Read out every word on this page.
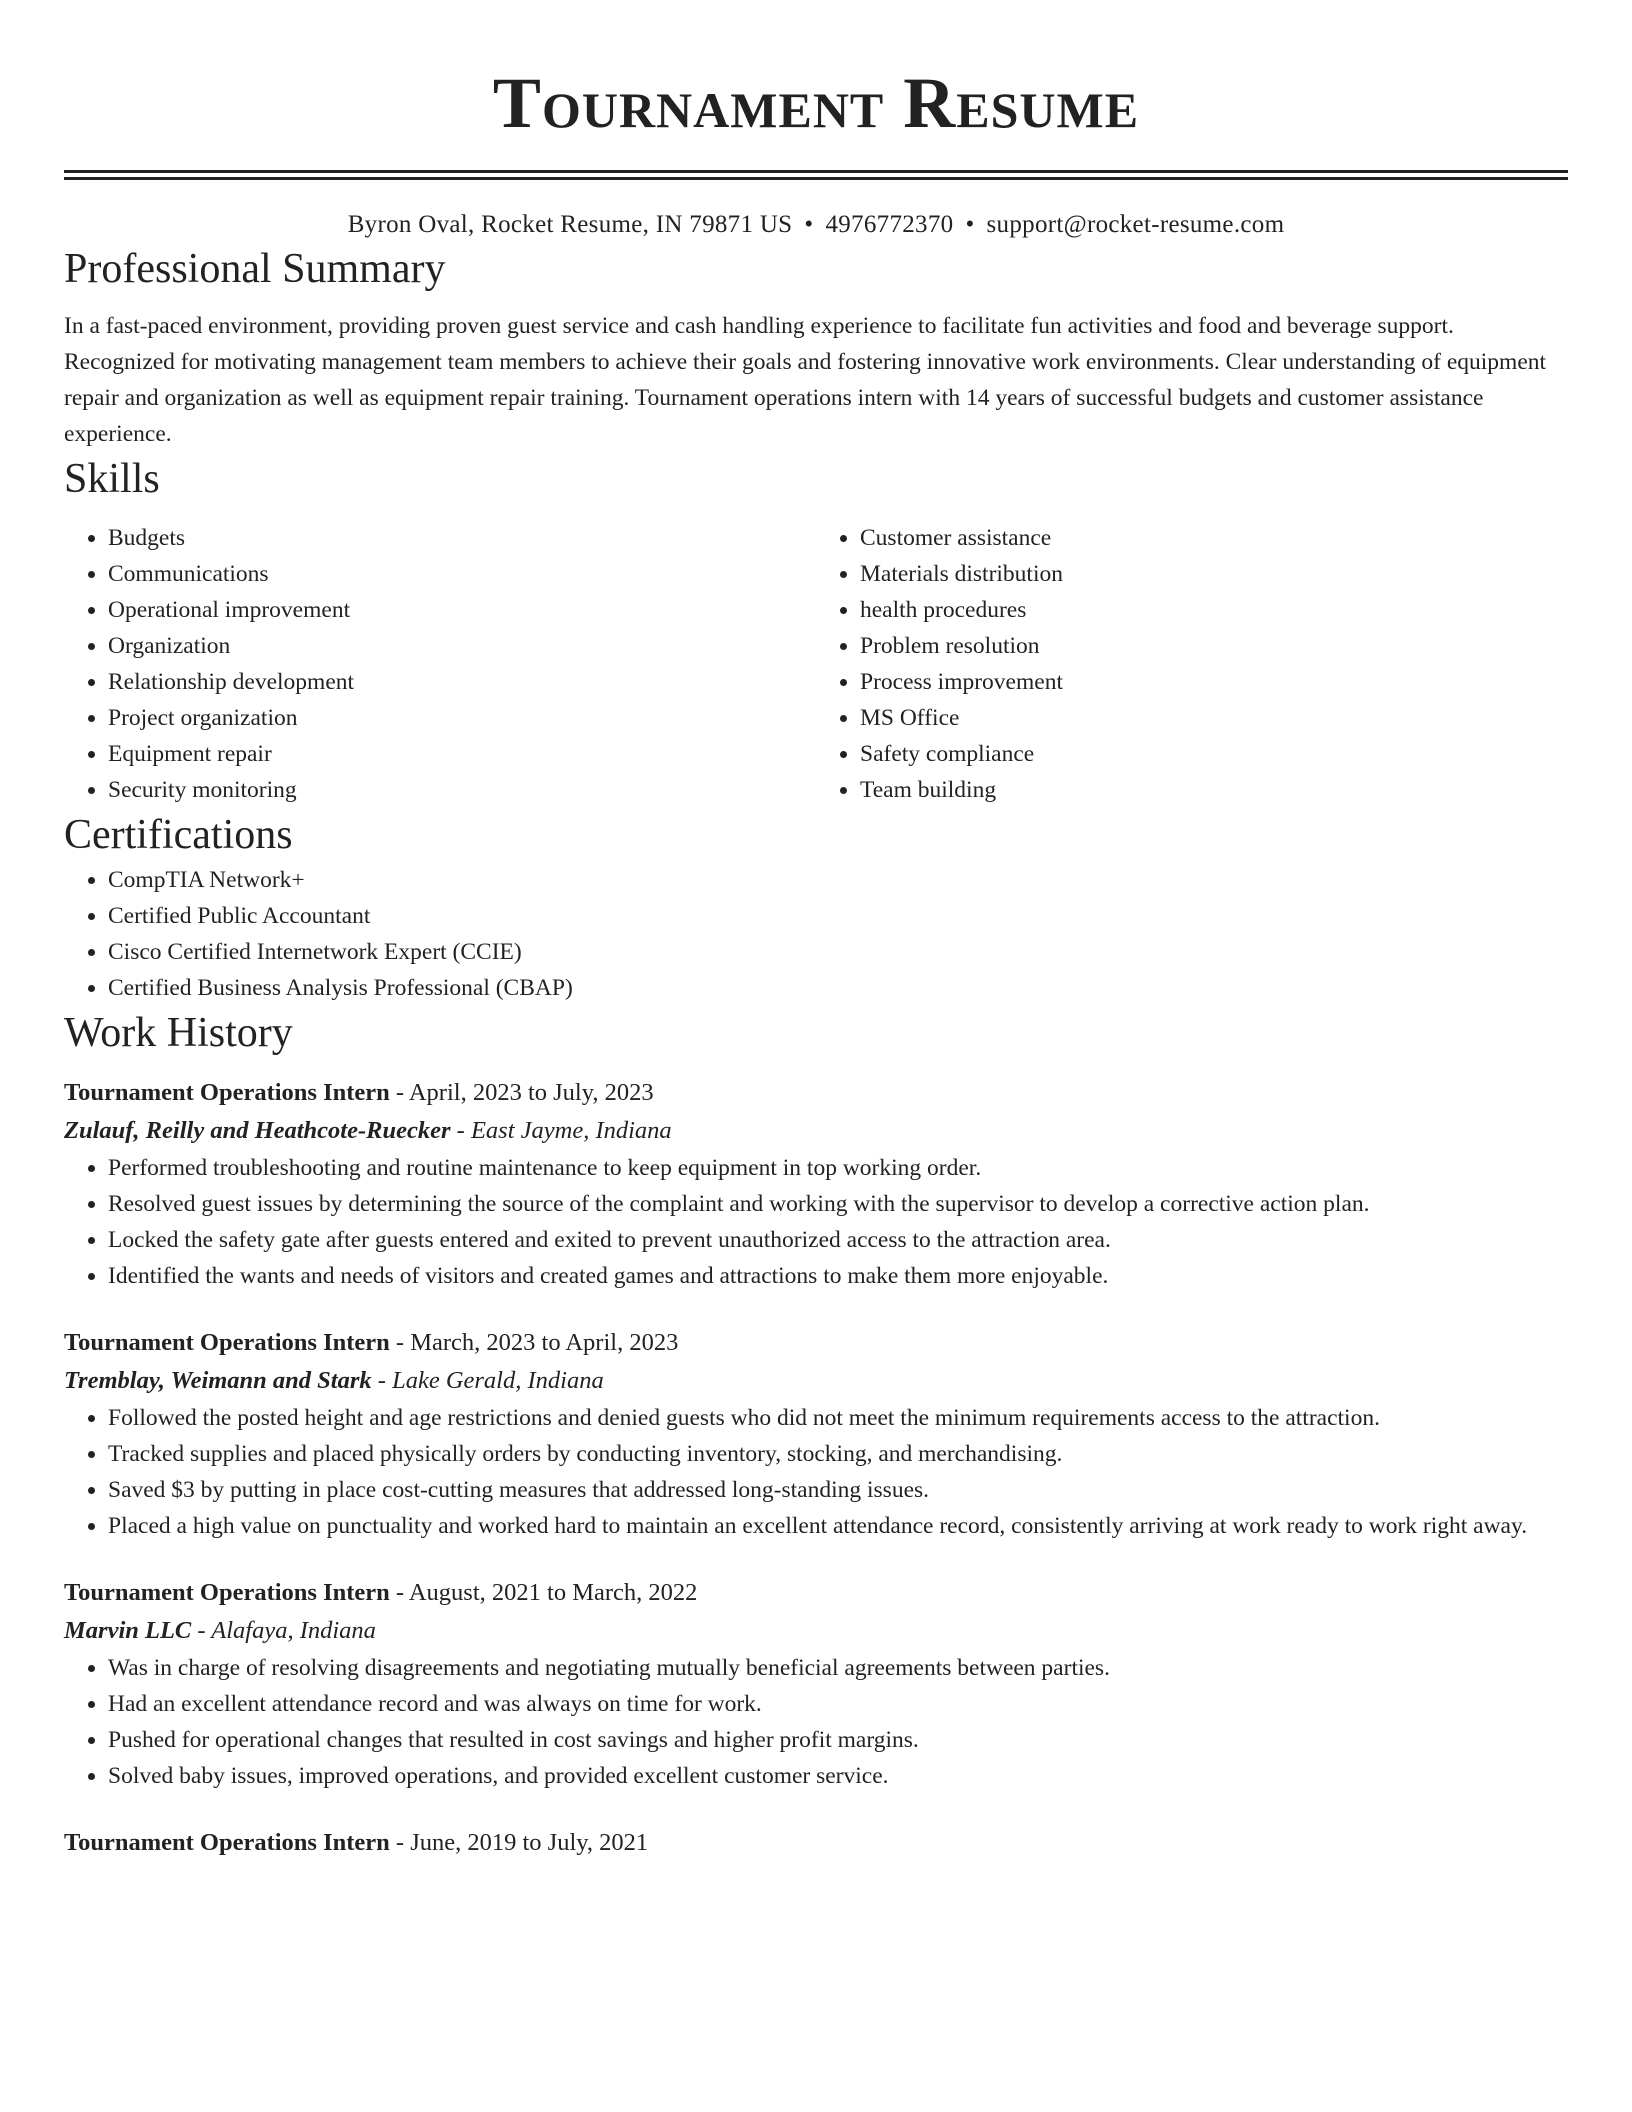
Tournament Resume
Byron Oval, Rocket Resume, IN 79871 US • 4976772370 • support@rocket-resume.com
Professional Summary

In a fast-paced environment, providing proven guest service and cash handling experience to facilitate fun activities and food and beverage support. Recognized for motivating management team members to achieve their goals and fostering innovative work environments. Clear understanding of equipment repair and organization as well as equipment repair training. Tournament operations intern with 14 years of successful budgets and customer assistance experience.

Skills
• Budgets
• Communications
• Operational improvement
• Organization
• Relationship development
• Project organization
• Equipment repair
• Security monitoring
• Customer assistance
• Materials distribution
• health procedures
• Problem resolution
• Process improvement
• MS Office
• Safety compliance
• Team building
Certifications
• CompTIA Network+
• Certified Public Accountant
• Cisco Certified Internetwork Expert (CCIE)
• Certified Business Analysis Professional (CBAP)
Work History
Tournament Operations Intern - April, 2023 to July, 2023
Zulauf, Reilly and Heathcote-Ruecker - East Jayme, Indiana
• Performed troubleshooting and routine maintenance to keep equipment in top working order.
• Resolved guest issues by determining the source of the complaint and working with the supervisor to develop a corrective action plan.
• Locked the safety gate after guests entered and exited to prevent unauthorized access to the attraction area.
• Identified the wants and needs of visitors and created games and attractions to make them more enjoyable.
Tournament Operations Intern - March, 2023 to April, 2023
Tremblay, Weimann and Stark - Lake Gerald, Indiana
• Followed the posted height and age restrictions and denied guests who did not meet the minimum requirements access to the attraction.
• Tracked supplies and placed physically orders by conducting inventory, stocking, and merchandising.
• Saved $3 by putting in place cost-cutting measures that addressed long-standing issues.
• Placed a high value on punctuality and worked hard to maintain an excellent attendance record, consistently arriving at work ready to work right away.
Tournament Operations Intern - August, 2021 to March, 2022
Marvin LLC - Alafaya, Indiana
• Was in charge of resolving disagreements and negotiating mutually beneficial agreements between parties.
• Had an excellent attendance record and was always on time for work.
• Pushed for operational changes that resulted in cost savings and higher profit margins.
• Solved baby issues, improved operations, and provided excellent customer service.
Tournament Operations Intern - June, 2019 to July, 2021
